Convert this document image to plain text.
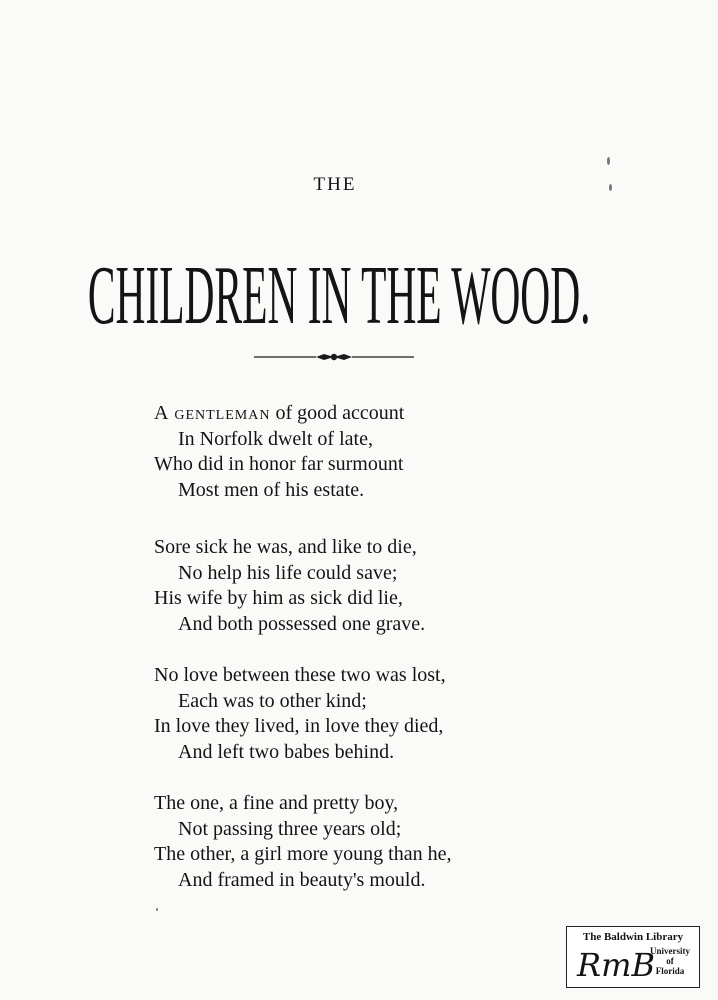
THE
CHILDREN IN THE WOOD.
A gentleman of good account
In Norfolk dwelt of late,
Who did in honor far surmount
Most men of his estate.
Sore sick he was, and like to die,
No help his life could save;
His wife by him as sick did lie,
And both possessed one grave.
No love between these two was lost,
Each was to other kind;
In love they lived, in love they died,
And left two babes behind.
The one, a fine and pretty boy,
Not passing three years old;
The other, a girl more young than he,
And framed in beauty's mould.
The Baldwin Library
RmB
University
of
Florida
